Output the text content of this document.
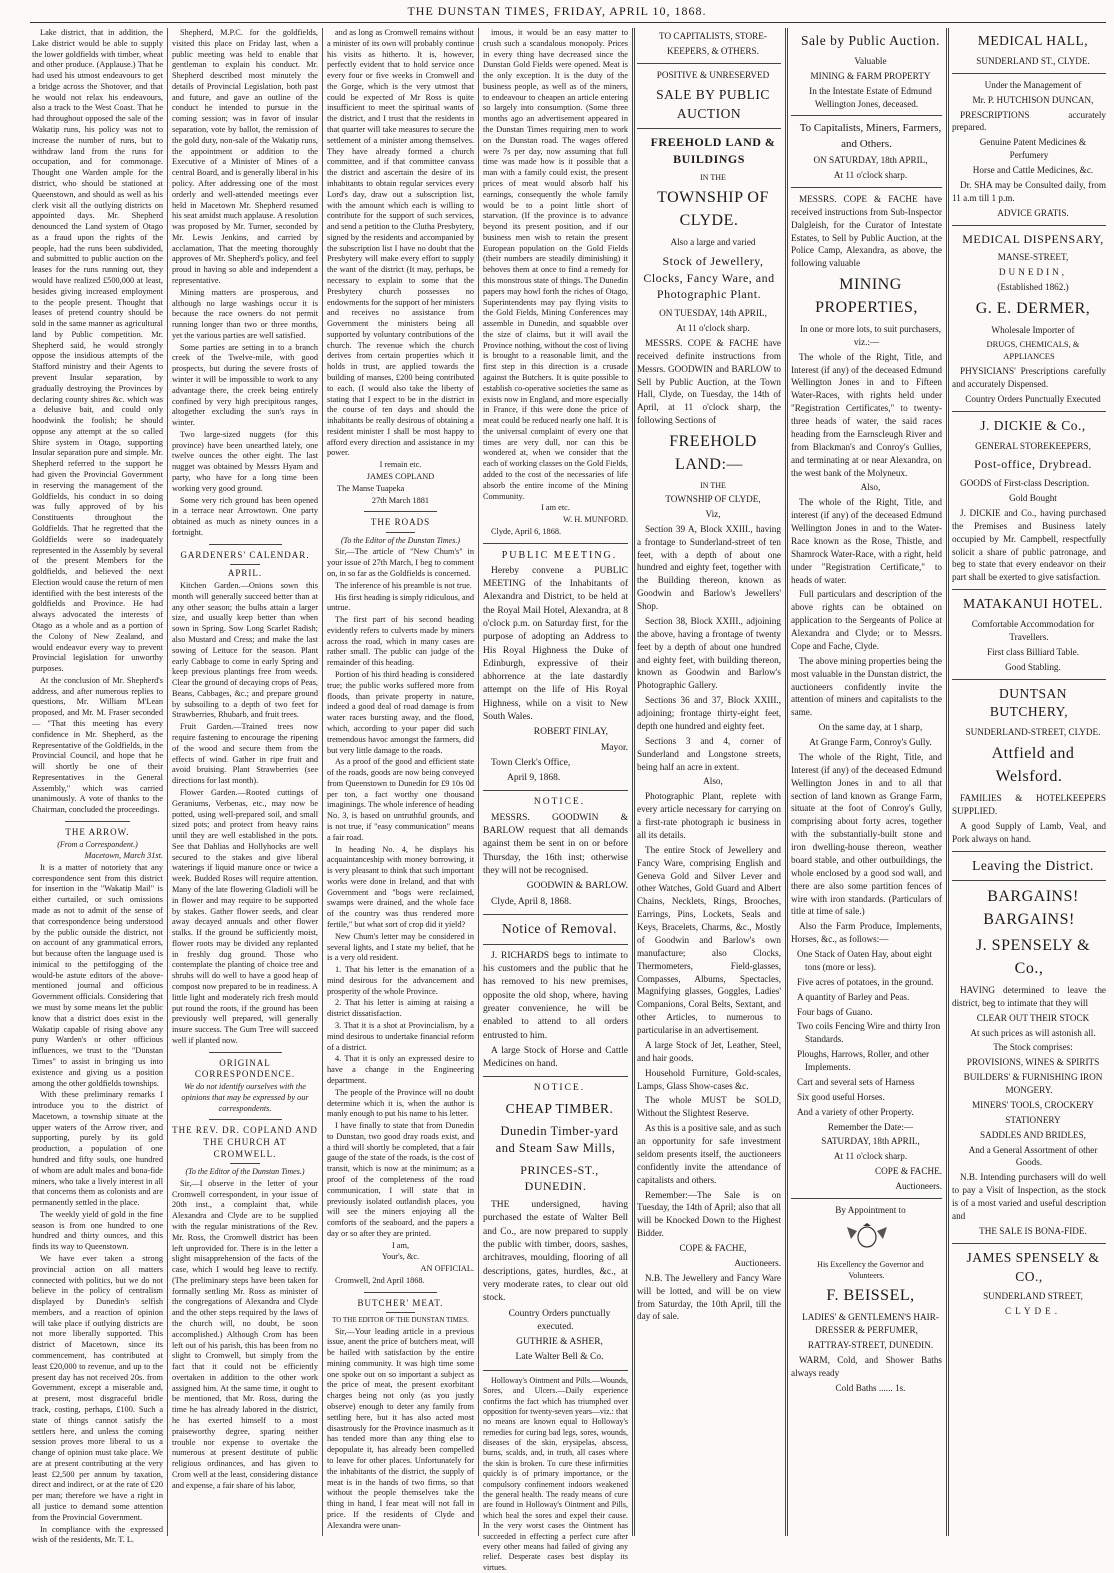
THE DUNSTAN TIMES, FRIDAY, APRIL 10, 1868.

Lake district, that in addition, the Lake district would be able to supply the lower goldfields with timber, wheat and other produce. (Applause.) That he had used his utmost endeavours to get a bridge across the Shotover, and that he would not relax his endeavours, also a track to the West Coast. That he had throughout opposed the sale of the Wakatip runs, his policy was not to increase the number of runs, but to withdraw land from the runs for occupation, and for commonage. Thought one Warden ample for the district, who should be stationed at Queenstown, and should as well as his clerk visit all the outlying districts on appointed days. Mr. Shepherd denounced the Land system of Otago as a fraud upon the rights of the people, had the runs been subdivided, and submitted to public auction on the leases for the runs running out, they would have realized £500,000 at least, besides giving increased employment to the people present. Thought that leases of pretend country should be sold in the same manner as agricultural land by Public competition. Mr. Shepherd said, he would strongly oppose the insidious attempts of the Stafford ministry and their Agents to prevent Insular separation, by gradually destroying the Provinces by declaring county shires &c. which was a delusive bait, and could only hoodwink the foolish; he should oppose any attempt at the so called Shire system in Otago, supporting Insular separation pure and simple. Mr. Shepherd referred to the support he had given the Provincial Government in reserving the management of the Goldfields, his conduct in so doing was fully approved of by his Constituents throughout the Goldfields. That he regretted that the Goldfields were so inadequately represented in the Assembly by several of the present Members for the goldfields, and believed the next Election would cause the return of men identified with the best interests of the goldfields and Province. He had always advocated the interests of Otago as a whole and as a portion of the Colony of New Zealand, and would endeavor every way to prevent Provincial legislation for unworthy purposes.

At the conclusion of Mr. Shepherd's address, and after numerous replies to questions, Mr. William M'Lean proposed, and Mr. M. Fraser seconded — "That this meeting has every confidence in Mr. Shepherd, as the Representative of the Goldfields, in the Provincial Council, and hope that he will shortly be one of their Representatives in the General Assembly," which was carried unanimously. A vote of thanks to the Chairman, concluded the proceedings.

THE ARROW.

(From a Correspondent.)

Macetown, March 31st.

It is a matter of notoriety that any correspondence sent from this district for insertion in the "Wakatip Mail" is either curtailed, or such omissions made as not to admit of the sense of that correspondence being understood by the public outside the district, not on account of any grammatical errors, but because often the language used is inimical to the pettifogging of the would-be astute editors of the above-mentioned journal and officious Government officials. Considering that we must by some means let the public know that a district does exist in the Wakatip capable of rising above any puny Warden's or other officious influences, we trust to the "Dunstan Times" to assist in bringing us into existence and giving us a position among the other goldfields townships.

With these preliminary remarks I introduce you to the district of Macetown, a township situate at the upper waters of the Arrow river, and supporting, purely by its gold production, a population of one hundred and fifty souls, one hundred of whom are adult males and bona-fide miners, who take a lively interest in all that concerns them as colonists and are permanently settled in the place.

The weekly yield of gold in the fine season is from one hundred to one hundred and thirty ounces, and this finds its way to Queenstown.

We have ever taken a strong provincial action on all matters connected with politics, but we do not believe in the policy of centralism displayed by Dunedin's selfish members, and a reaction of opinion will take place if outlying districts are not more liberally supported. This district of Macetown, since its commencement, has contributed at least £20,000 to revenue, and up to the present day has not received 20s. from Government, except a miserable and, at present, most disgraceful bridle track, costing, perhaps, £100. Such a state of things cannot satisfy the settlers here, and unless the coming session proves more liberal to us a change of opinion must take place. We are at present contributing at the very least £2,500 per annum by taxation, direct and indirect, or at the rate of £20 per man; therefore we have a right in all justice to demand some attention from the Provincial Government.

In compliance with the expressed wish of the residents, Mr. T. L.

Shepherd, M.P.C. for the goldfields, visited this place on Friday last, when a public meeting was held to enable that gentleman to explain his conduct. Mr. Shepherd described most minutely the details of Provincial Legislation, both past and future, and gave an outline of the conduct he intended to pursue in the coming session; was in favor of insular separation, vote by ballot, the remission of the gold duty, non-sale of the Wakatip runs, the appointment or addition to the Executive of a Minister of Mines of a central Board, and is generally liberal in his policy. After addressing one of the most orderly and well-attended meetings ever held in Macetown Mr. Shepherd resumed his seat amidst much applause. A resolution was proposed by Mr. Turner, seconded by Mr. Lewis Jenkins, and carried by acclamation, That the meeting thoroughly approves of Mr. Shepherd's policy, and feel proud in having so able and independent a representative.

Mining matters are prosperous, and although no large washings occur it is because the race owners do not permit running longer than two or three months, yet the various parties are well satisfied.

Some parties are setting in to a branch creek of the Twelve-mile, with good prospects, but during the severe frosts of winter it will be impossible to work to any advantage there, the creek being entirely confined by very high precipitous ranges, altogether excluding the sun's rays in winter.

Two large-sized nuggets (for this province) have been unearthed lately, one twelve ounces the other eight. The last nugget was obtained by Messrs Hyam and party, who have for a long time been working very good ground.

Some very rich ground has been opened in a terrace near Arrowtown. One party obtained as much as ninety ounces in a fortnight.

GARDENERS' CALENDAR.

APRIL.

Kitchen Garden.—Onions sown this month will generally succeed better than at any other season; the bulbs attain a larger size, and usually keep better than when sown in Spring. Sow Long Scarlet Radish; also Mustard and Cress; and make the last sowing of Lettuce for the season. Plant early Cabbage to come in early Spring and keep previous plantings free from weeds. Clear the ground of decaying crops of Peas, Beans, Cabbages, &c.; and prepare ground by subsoiling to a depth of two feet for Strawberries, Rhubarb, and fruit trees.

Fruit Garden.—Trained trees now require fastening to encourage the ripening of the wood and secure them from the effects of wind. Gather in ripe fruit and avoid bruising. Plant Strawberries (see directions for last month).

Flower Garden.—Rooted cuttings of Geraniums, Verbenas, etc., may now be potted, using well-prepared soil, and small sized pots; and protect from heavy rains until they are well established in the pots. See that Dahlias and Hollyhocks are well secured to the stakes and give liberal waterings if liquid manure once or twice a week. Budded Roses will require attention. Many of the late flowering Gladioli will be in flower and may require to be supported by stakes. Gather flower seeds, and clear away decayed annuals and other flower stalks. If the ground be sufficiently moist, flower roots may be divided any replanted in freshly dug ground. Those who contemplate the planting of choice tree and shrubs will do well to have a good heap of compost now prepared to be in readiness. A little light and moderately rich fresh mould put round the roots, if the ground has been previously well prepared, will generally insure success. The Gum Tree will succeed well if planted now.

ORIGINAL CORRESPONDENCE.

We do not identify ourselves with the opinions that may be expressed by our correspondents.

THE REV. DR. COPLAND AND THE CHURCH AT CROMWELL.

(To the Editor of the Dunstan Times.)

Sir,—I observe in the letter of your Cromwell correspondent, in your issue of 20th inst., a complaint that, while Alexandra and Clyde are to be supplied with the regular ministrations of the Rev. Mr. Ross, the Cromwell district has been left unprovided for. There is in the letter a slight misapprehension of the facts of the case, which I would beg leave to rectify. (The preliminary steps have been taken for formally settling Mr. Ross as minister of the congregations of Alexandra and Clyde and the other steps required by the laws of the church will, no doubt, be soon accomplished.) Although Crom has been left out of his parish, this has been from no slight to Cromwell, but simply from the fact that it could not be efficiently overtaken in addition to the other work assigned him. At the same time, it ought to be mentioned, that Mr. Ross, during the time he has already labored in the district, he has exerted himself to a most praiseworthy degree, sparing neither trouble nor expense to overtake the numerous at present destitute of public religious ordinances, and has given to Crom well at the least, considering distance and expense, a fair share of his labor,

and as long as Cromwell remains without a minister of its own will probably continue his visits as hitherto. It is, however, perfectly evident that to hold service once every four or five weeks in Cromwell and the Gorge, which is the very utmost that could be expected of Mr Ross is quite insufficient to meet the spiritual wants of the district, and I trust that the residents in that quarter will take measures to secure the settlement of a minister among themselves. They have already formed a church committee, and if that committee canvass the district and ascertain the desire of its inhabitants to obtain regular services every Lord's day, draw out a subscription list, with the amount which each is willing to contribute for the support of such services, and send a petition to the Clutha Presbytery, signed by the residents and accompanied by the subscription list I have no doubt that the Presbytery will make every effort to supply the want of the district (It may, perhaps, be necessary to explain to some that the Presbytery church possesses no endowments for the support of her ministers and receives no assistance from Government the ministers being all supported by voluntary contributions of the church. The revenue which the church derives from certain properties which it holds in trust, are applied towards the building of manses, £200 being contributed to each. (I would also take the liberty of stating that I expect to be in the district in the course of ten days and should the inhabitants be really desirous of obtaining a resident minister I shall be most happy to afford every direction and assistance in my power.

I remain etc.

JAMES COPLAND

The Manse Tuapeka

27th March 1881

THE ROADS

(To the Editor of the Dunstan Times.)

Sir,—The article of "New Chum's" in your issue of 27th March, I beg to comment on, in so far as the Goldfields is concerned.

The inference of his preamble is not true.

His first heading is simply ridiculous, and untrue.

The first part of his second heading evidently refers to culverts made by miners across the road, which in many cases are rather small. The public can judge of the remainder of this heading.

Portion of his third heading is considered true; the public works suffered more from floods, than private property in nature, indeed a good deal of road damage is from water races bursting away, and the flood, which, according to your paper did such tremendous havoc amongst the farmers, did but very little damage to the roads.

As a proof of the good and efficient state of the roads, goods are now being conveyed from Queenstown to Dunedin for £9 10s 0d per ton, a fact worthy one thousand imaginings. The whole inference of heading No. 3, is based on untruthful grounds, and is not true, if "easy communication" means a fair road.

In heading No. 4, he displays his acquaintanceship with money borrowing, it is very pleasant to think that such important works were done in Ireland, and that with Government and "bogs were reclaimed, swamps were drained, and the whole face of the country was thus rendered more fertile," but what sort of crop did it yield?

New Chum's letter may be considered in several lights, and I state my belief, that he is a very old resident.

1. That his letter is the emanation of a mind desirous for the advancement and prosperity of the whole Province.

2. That his letter is aiming at raising a district dissatisfaction.

3. That it is a shot at Provincialism, by a mind desirous to undertake financial reform of a district.

4. That it is only an expressed desire to have a change in the Engineering department.

The people of the Province will no doubt determine which it is, when the author is manly enough to put his name to his letter.

I have finally to state that from Dunedin to Dunstan, two good dray roads exist, and a third will shortly be completed, that a fair gauge of the state of the roads, is the cost of transit, which is now at the minimum; as a proof of the completeness of the road communication, I will state that in previously isolated outlandish places, you will see the miners enjoying all the comforts of the seaboard, and the papers a day or so after they are printed.

I am,

Your's, &c.

AN OFFICIAL.

Cromwell, 2nd April 1868.

BUTCHER' MEAT.

TO THE EDITOR OF THE DUNSTAN TIMES.

Sir,—Your leading article in a previous issue, anent the price of butchers meat, will be hailed with satisfaction by the entire mining community. It was high time some one spoke out on so important a subject as the price of meat, the present exorbitant charges being not only (as you justly observe) enough to deter any family from settling here, but it has also acted most disastrously for the Province inasmuch as it has tended more than any thing else to depopulate it, has already been compelled to leave for other places. Unfortunately for the inhabitants of the district, the supply of meat is in the hands of two firms, so that without the people themselves take the thing in hand, I fear meat will not fall in price. If the residents of Clyde and Alexandra were unan-

imous, it would be an easy matter to crush such a scandalous monopoly. Prices in every thing have decreased since the Dunstan Gold Fields were opened. Meat is the only exception. It is the duty of the business people, as well as of the miners, to endeavour to cheapen an article entering so largely into consumption. (Some three months ago an advertisement appeared in the Dunstan Times requiring men to work on the Dunstan road. The wages offered were 7s per day, now assuming that full time was made how is it possible that a man with a family could exist, the present prices of meat would absorb half his earnings, consequently the whole family would be to a point little short of starvation. (If the province is to advance beyond its present position, and if our business men wish to retain the present European population on the Gold Fields (their numbers are steadily diminishing) it behoves them at once to find a remedy for this monstrous state of things. The Dunedin papers may howl forth the riches of Otago, Superintendents may pay flying visits to the Gold Fields, Mining Conferences may assemble in Dunedin, and squabble over the size of claims, but it will avail the Province nothing, without the cost of living is brought to a reasonable limit, and the first step in this direction is a crusade against the Butchers. It is quite possible to establish co-operative societies the same as exists now in England, and more especially in France, if this were done the price of meat could be reduced nearly one half. It is the universal complaint of every one that times are very dull, nor can this be wondered at, when we consider that the each of working classes on the Gold Fields, added to the cost of the necessaries of life absorb the entire income of the Mining Community.

I am etc.

W. H. MUNFORD.

Clyde, April 6, 1868.

PUBLIC MEETING.

Hereby convene a PUBLIC MEETING of the Inhabitants of Alexandra and District, to be held at the Royal Mail Hotel, Alexandra, at 8 o'clock p.m. on Saturday first, for the purpose of adopting an Address to His Royal Highness the Duke of Edinburgh, expressive of their abhorrence at the late dastardly attempt on the life of His Royal Highness, while on a visit to New South Wales.

ROBERT FINLAY,

Mayor.

Town Clerk's Office,

April 9, 1868.

NOTICE.

MESSRS. GOODWIN & BARLOW request that all demands against them be sent in on or before Thursday, the 16th inst; otherwise they will not be recognised.

GOODWIN & BARLOW.

Clyde, April 8, 1868.

Notice of Removal.

J. RICHARDS begs to intimate to his customers and the public that he has removed to his new premises, opposite the old shop, where, having greater convenience, he will be enabled to attend to all orders entrusted to him.

A large Stock of Horse and Cattle Medicines on hand.

NOTICE.

CHEAP TIMBER.

Dunedin Timber-yard and Steam Saw Mills,

PRINCES-ST., DUNEDIN.

THE undersigned, having purchased the estate of Walter Bell and Co., are now prepared to supply the public with timber, doors, sashes, architraves, moulding, flooring of all descriptions, gates, hurdles, &c., at very moderate rates, to clear out old stock.

Country Orders punctually executed.

GUTHRIE & ASHER,

Late Walter Bell & Co.

Holloway's Ointment and Pills.—Wounds, Sores, and Ulcers.—Daily experience confirms the fact which has triumphed over opposition for twenty-seven years—viz.: that no means are known equal to Holloway's remedies for curing bad legs, sores, wounds, diseases of the skin, erysipelas, abscess, burns, scalds, and, in truth, all cases where the skin is broken. To cure these infirmities quickly is of primary importance, or the compulsory confinement indoors weakened the general health. The ready means of cure are found in Holloway's Ointment and Pills, which heal the sores and expel their cause. In the very worst cases the Ointment has succeeded in effecting a perfect cure after every other means had failed of giving any relief. Desperate cases best display its virtues.

TO CAPITALISTS, STORE-

KEEPERS, & OTHERS.

POSITIVE & UNRESERVED

SALE BY PUBLIC AUCTION

FREEHOLD LAND & BUILDINGS

IN THE

TOWNSHIP OF CLYDE.

Also a large and varied

Stock of Jewellery, Clocks, Fancy Ware, and Photographic Plant.

ON TUESDAY, 14th APRIL,

At 11 o'clock sharp.

MESSRS. COPE & FACHE have received definite instructions from Messrs. GOODWIN and BARLOW to Sell by Public Auction, at the Town Hall, Clyde, on Tuesday, the 14th of April, at 11 o'clock sharp, the following Sections of

FREEHOLD LAND:—

IN THE

TOWNSHIP OF CLYDE,

Viz,

Section 39 A, Block XXIII., having a frontage to Sunderland-street of ten feet, with a depth of about one hundred and eighty feet, together with the Building thereon, known as Goodwin and Barlow's Jewellers' Shop.

Section 38, Block XXIII., adjoining the above, having a frontage of twenty feet by a depth of about one hundred and eighty feet, with building thereon, known as Goodwin and Barlow's Photographic Gallery.

Sections 36 and 37, Block XXIII., adjoining; frontage thirty-eight feet, depth one hundred and eighty feet.

Sections 3 and 4, corner of Sunderland and Longstone streets, being half an acre in extent.

Also,

Photographic Plant, replete with every article necessary for carrying on a first-rate photograph ic business in all its details.

The entire Stock of Jewellery and Fancy Ware, comprising English and Geneva Gold and Silver Lever and other Watches, Gold Guard and Albert Chains, Necklets, Rings, Brooches, Earrings, Pins, Lockets, Seals and Keys, Bracelets, Charms, &c., Mostly of Goodwin and Barlow's own manufacture; also Clocks, Thermometers, Field-glasses, Compasses, Albums, Spectacles, Magnifying glasses, Goggles, Ladies' Companions, Coral Belts, Sextant, and other Articles, to numerous to particularise in an advertisement.

A large Stock of Jet, Leather, Steel, and hair goods.

Household Furniture, Gold-scales, Lamps, Glass Show-cases &c.

The whole MUST be SOLD, Without the Slightest Reserve.

As this is a positive sale, and as such an opportunity for safe investment seldom presents itself, the auctioneers confidently invite the attendance of capitalists and others.

Remember:—The Sale is on Tuesday, the 14th of April; also that all will be Knocked Down to the Highest Bidder.

COPE & FACHE,

Auctioneers.

N.B. The Jewellery and Fancy Ware will be lotted, and will be on view from Saturday, the 10th April, till the day of sale.

Sale by Public Auction.

Valuable

MINING & FARM PROPERTY

In the Intestate Estate of Edmund Wellington Jones, deceased.

To Capitalists, Miners, Farmers, and Others.

ON SATURDAY, 18th APRIL,

At 11 o'clock sharp.

MESSRS. COPE & FACHE have received instructions from Sub-Inspector Dalgleish, for the Curator of Intestate Estates, to Sell by Public Auction, at the Police Camp, Alexandra, as above, the following valuable

MINING PROPERTIES,

In one or more lots, to suit purchasers, viz.:—

The whole of the Right, Title, and Interest (if any) of the deceased Edmund Wellington Jones in and to Fifteen Water-Races, with rights held under "Registration Certificates," to twenty-three heads of water, the said races heading from the Earnscleugh River and from Blackman's and Conroy's Gullies, and terminating at or near Alexandra, on the west bank of the Molyneux.

Also,

The whole of the Right, Title, and interest (if any) of the deceased Edmund Wellington Jones in and to the Water-Race known as the Rose, Thistle, and Shamrock Water-Race, with a right, held under "Registration Certificate," to heads of water.

Full particulars and description of the above rights can be obtained on application to the Sergeants of Police at Alexandra and Clyde; or to Messrs. Cope and Fache, Clyde.

The above mining properties being the most valuable in the Dunstan district, the auctioneers confidently invite the attention of miners and capitalists to the same.

On the same day, at 1 sharp,

At Grange Farm, Conroy's Gully.

The whole of the Right, Title, and Interest (if any) of the deceased Edmund Wellington Jones in and to all that section of land known as Grange Farm, situate at the foot of Conroy's Gully, comprising about forty acres, together with the substantially-built stone and iron dwelling-house thereon, weather board stable, and other outbuildings, the whole enclosed by a good sod wall, and there are also some partition fences of wire with iron standards. (Particulars of title at time of sale.)

Also the Farm Produce, Implements, Horses, &c., as follows:—

One Stack of Oaten Hay, about eight tons (more or less).

Five acres of potatoes, in the ground.

A quantity of Barley and Peas.

Four bags of Guano.

Two coils Fencing Wire and thirty Iron Standards.

Ploughs, Harrows, Roller, and other Implements.

Cart and several sets of Harness

Six good useful Horses.

And a variety of other Property.

Remember the Date:—

SATURDAY, 18th APRIL,

At 11 o'clock sharp.

COPE & FACHE.

Auctioneers.

By Appointment to

His Excellency the Governor and Volunteers.

F. BEISSEL,

LADIES' & GENTLEMEN'S HAIR-DRESSER & PERFUMER,

RATTRAY-STREET, DUNEDIN.

WARM, Cold, and Shower Baths always ready

Cold Baths ...... 1s.

MEDICAL HALL,

SUNDERLAND ST., CLYDE.

Under the Management of

Mr. P. HUTCHISON DUNCAN,

PRESCRIPTIONS accurately prepared.

Genuine Patent Medicines & Perfumery

Horse and Cattle Medicines, &c.

Dr. SHA may be Consulted daily, from 11 a.m till 1 p.m.

ADVICE GRATIS.

MEDICAL DISPENSARY,

MANSE-STREET,

DUNEDIN,

(Established 1862.)

G. E. DERMER,

Wholesale Importer of

DRUGS, CHEMICALS, & APPLIANCES

PHYSICIANS' Prescriptions carefully and accurately Dispensed.

Country Orders Punctually Executed

J. DICKIE & Co.,

GENERAL STOREKEEPERS,

Post-office, Drybread.

GOODS of First-class Description.

Gold Bought

J. DICKIE and Co., having purchased the Premises and Business lately occupied by Mr. Campbell, respectfully solicit a share of public patronage, and beg to state that every endeavor on their part shall be exerted to give satisfaction.

MATAKANUI HOTEL.

Comfortable Accommodation for Travellers.

First class Billiard Table.

Good Stabling.

DUNTSAN BUTCHERY,

SUNDERLAND-STREET, CLYDE.

Attfield and Welsford.

FAMILIES & HOTELKEEPERS SUPPLIED.

A good Supply of Lamb, Veal, and Pork always on hand.

Leaving the District.

BARGAINS! BARGAINS!

J. SPENSELY & Co.,

HAVING determined to leave the district, beg to intimate that they will

CLEAR OUT THEIR STOCK

At such prices as will astonish all.

The Stock comprises:

PROVISIONS, WINES & SPIRITS

BUILDERS' & FURNISHING IRON MONGERY.

MINERS' TOOLS, CROCKERY

STATIONERY

SADDLES AND BRIDLES,

And a General Assortment of other Goods.

N.B. Intending purchasers will do well to pay a Visit of Inspection, as the stock is of a most varied and useful description and

THE SALE IS BONA-FIDE.

JAMES SPENSELY & CO.,

SUNDERLAND STREET,

CLYDE.
